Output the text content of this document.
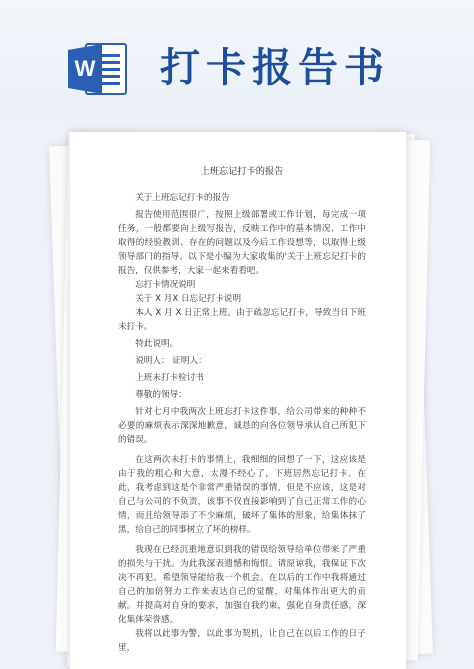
W 打卡报告书

上班忘记打卡的报告

关于上班忘记打卡的报告

报告使用范围很广，按照上级部署或工作计划，每完成一项任务，一般都要向上级写报告，反映工作中的基本情况、工作中取得的经验教训、存在的问题以及今后工作设想等，以取得上级领导部门的指导。以下是小编为大家收集的'关于上班忘记打卡的报告，仅供参考，大家一起来看看吧。

忘打卡情况说明

关于 X 月X 日忘记打卡说明

本人 X 月 X 日正常上班，由于疏忽忘记打卡，导致当日下班未打卡。

特此说明。

说明人： 证明人：

上班未打卡检讨书

尊敬的领导：

针对七月中我两次上班忘打卡这件事，给公司带来的种种不必要的麻烦表示深深地歉意，诚恳的向各位领导承认自己所犯下的错误。

在这两次未打卡的事情上，我细细的回想了一下，这应该是由于我的粗心和大意，太漫不经心了，下班居然忘记打卡。在此，我考虑到这是个非常严重错误的事情，但是不应该，这是对自己与公司的不负责，该事不仅直接影响到了自己正常工作的心情，而且给领导添了不少麻烦，破坏了集体的形象，给集体抹了黑，给自己的同事树立了坏的榜样。

我现在已经沉重地意识到我的错误给领导给单位带来了严重的损失与干扰。为此我深表遗憾和悔恨。请原谅我，我保证下次决不再犯。希望领导能给我一个机会。在以后的工作中我将通过自己的加倍努力工作来表达自己的觉醒，对集体作出更大的贡献。并提高对自身的要求，加强自我约束，强化自身责任感，深化集体荣誉感。

我将以此事为警，以此事为契机，让自己在以后工作的日子里，
